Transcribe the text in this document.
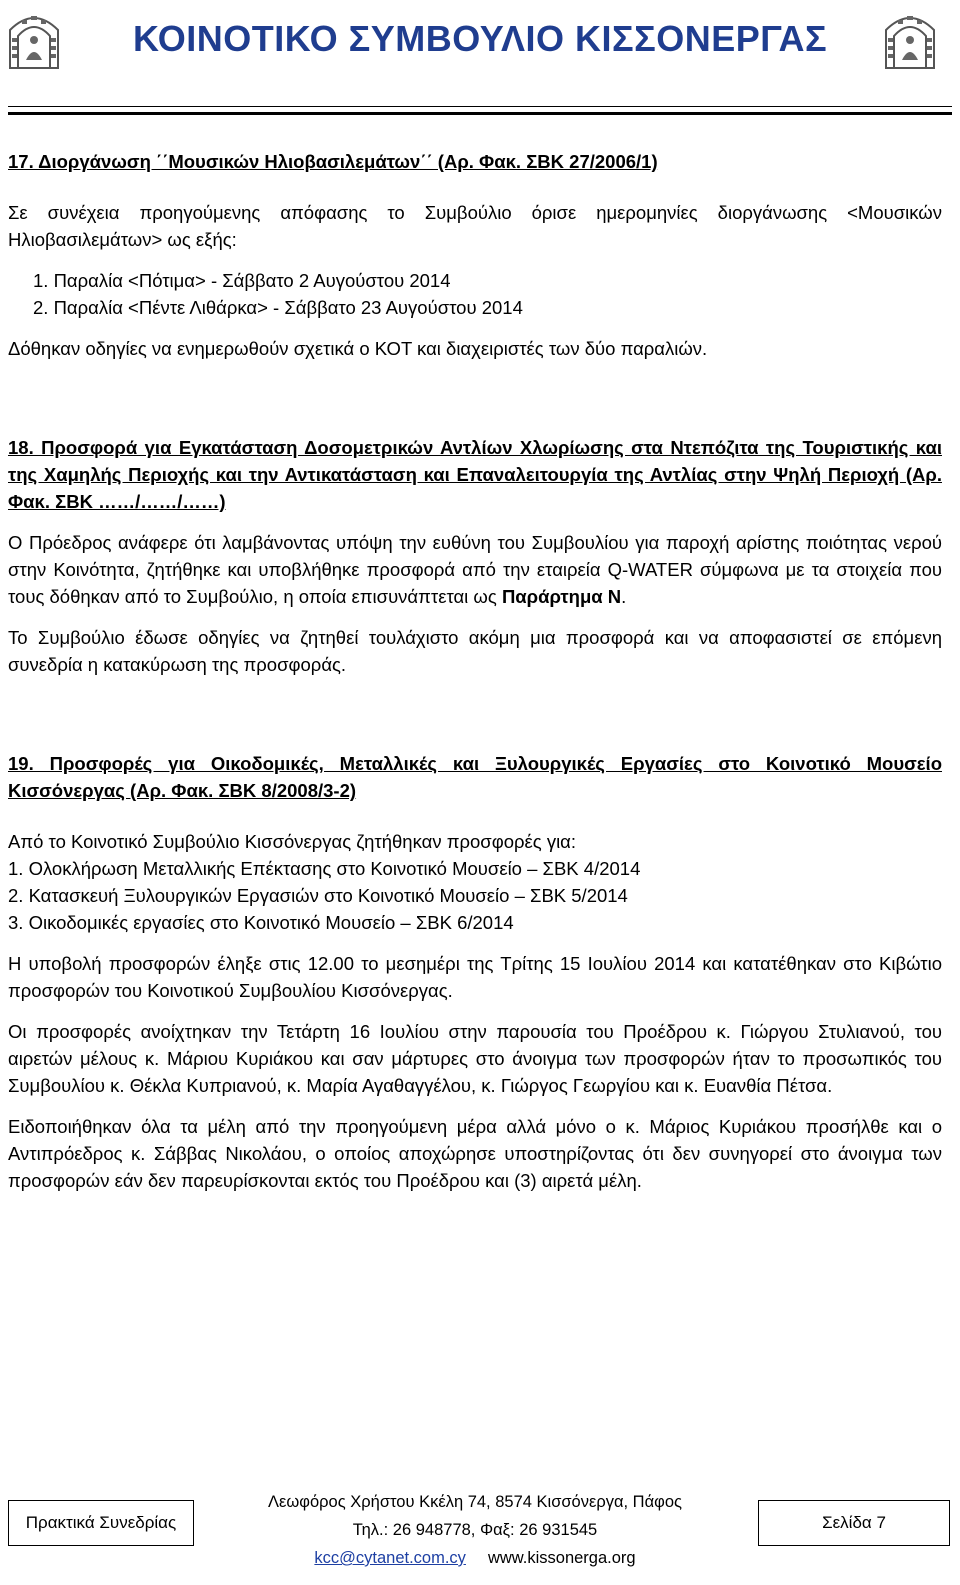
ΚΟΙΝΟΤΙΚΟ ΣΥΜΒΟΥΛΙΟ ΚΙΣΣΟΝΕΡΓΑΣ

17. Διοργάνωση ΄΄Μουσικών Ηλιοβασιλεμάτων΄΄ (Αρ. Φακ. ΣΒΚ 27/2006/1)

Σε συνέχεια προηγούμενης απόφασης το Συμβούλιο όρισε ημερομηνίες διοργάνωσης <Μουσικών Ηλιοβασιλεμάτων> ως εξής:

1. Παραλία <Πότιμα> - Σάββατο 2 Αυγούστου 2014

2. Παραλία <Πέντε Λιθάρκα> - Σάββατο 23 Αυγούστου 2014

Δόθηκαν οδηγίες να ενημερωθούν σχετικά ο ΚΟΤ και διαχειριστές των δύο παραλιών.

18. Προσφορά για Εγκατάσταση Δοσομετρικών Αντλίων Χλωρίωσης στα Ντεπόζιτα της Τουριστικής και της Χαμηλής Περιοχής και την Αντικατάσταση και Επαναλειτουργία της Αντλίας στην Ψηλή Περιοχή (Αρ. Φακ. ΣΒΚ ……/……/……)

Ο Πρόεδρος ανάφερε ότι λαμβάνοντας υπόψη την ευθύνη του Συμβουλίου για παροχή αρίστης ποιότητας νερού στην Κοινότητα, ζητήθηκε και υποβλήθηκε προσφορά από την εταιρεία Q-WATER σύμφωνα με τα στοιχεία που τους δόθηκαν από το Συμβούλιο, η οποία επισυνάπτεται ως Παράρτημα Ν.

Το Συμβούλιο έδωσε οδηγίες να ζητηθεί τουλάχιστο ακόμη μια προσφορά και να αποφασιστεί σε επόμενη συνεδρία η κατακύρωση της προσφοράς.

19. Προσφορές για Οικοδομικές, Μεταλλικές και Ξυλουργικές Εργασίες στο Κοινοτικό Μουσείο Κισσόνεργας (Αρ. Φακ. ΣΒΚ 8/2008/3-2)

Από το Κοινοτικό Συμβούλιο Κισσόνεργας ζητήθηκαν προσφορές για:

1. Ολοκλήρωση Μεταλλικής Επέκτασης στο Κοινοτικό Μουσείο – ΣΒΚ 4/2014

2. Κατασκευή Ξυλουργικών Εργασιών στο Κοινοτικό Μουσείο – ΣΒΚ 5/2014

3. Οικοδομικές εργασίες στο Κοινοτικό Μουσείο – ΣΒΚ 6/2014

Η υποβολή προσφορών έληξε στις 12.00 το μεσημέρι της Τρίτης 15 Ιουλίου 2014 και κατατέθηκαν στο Κιβώτιο προσφορών του Κοινοτικού Συμβουλίου Κισσόνεργας.

Οι προσφορές ανοίχτηκαν την Τετάρτη 16 Ιουλίου στην παρουσία του Προέδρου κ. Γιώργου Στυλιανού, του αιρετών μέλους κ. Μάριου Κυριάκου και σαν μάρτυρες στο άνοιγμα των προσφορών ήταν το προσωπικός του Συμβουλίου κ. Θέκλα Κυπριανού, κ. Μαρία Αγαθαγγέλου, κ. Γιώργος Γεωργίου και κ. Ευανθία Πέτσα.

Ειδοποιήθηκαν όλα τα μέλη από την προηγούμενη μέρα αλλά μόνο ο κ. Μάριος Κυριάκου προσήλθε και ο Αντιπρόεδρος κ. Σάββας Νικολάου, ο οποίος αποχώρησε υποστηρίζοντας ότι δεν συνηγορεί στο άνοιγμα των προσφορών εάν δεν παρευρίσκονται εκτός του Προέδρου και (3) αιρετά μέλη.

Πρακτικά Συνεδρίας
Λεωφόρος Χρήστου Κκέλη 74, 8574 Κισσόνεργα, Πάφος
Τηλ.: 26 948778, Φαξ: 26 931545
kcc@cytanet.com.cy www.kissonerga.org
Σελίδα 7
